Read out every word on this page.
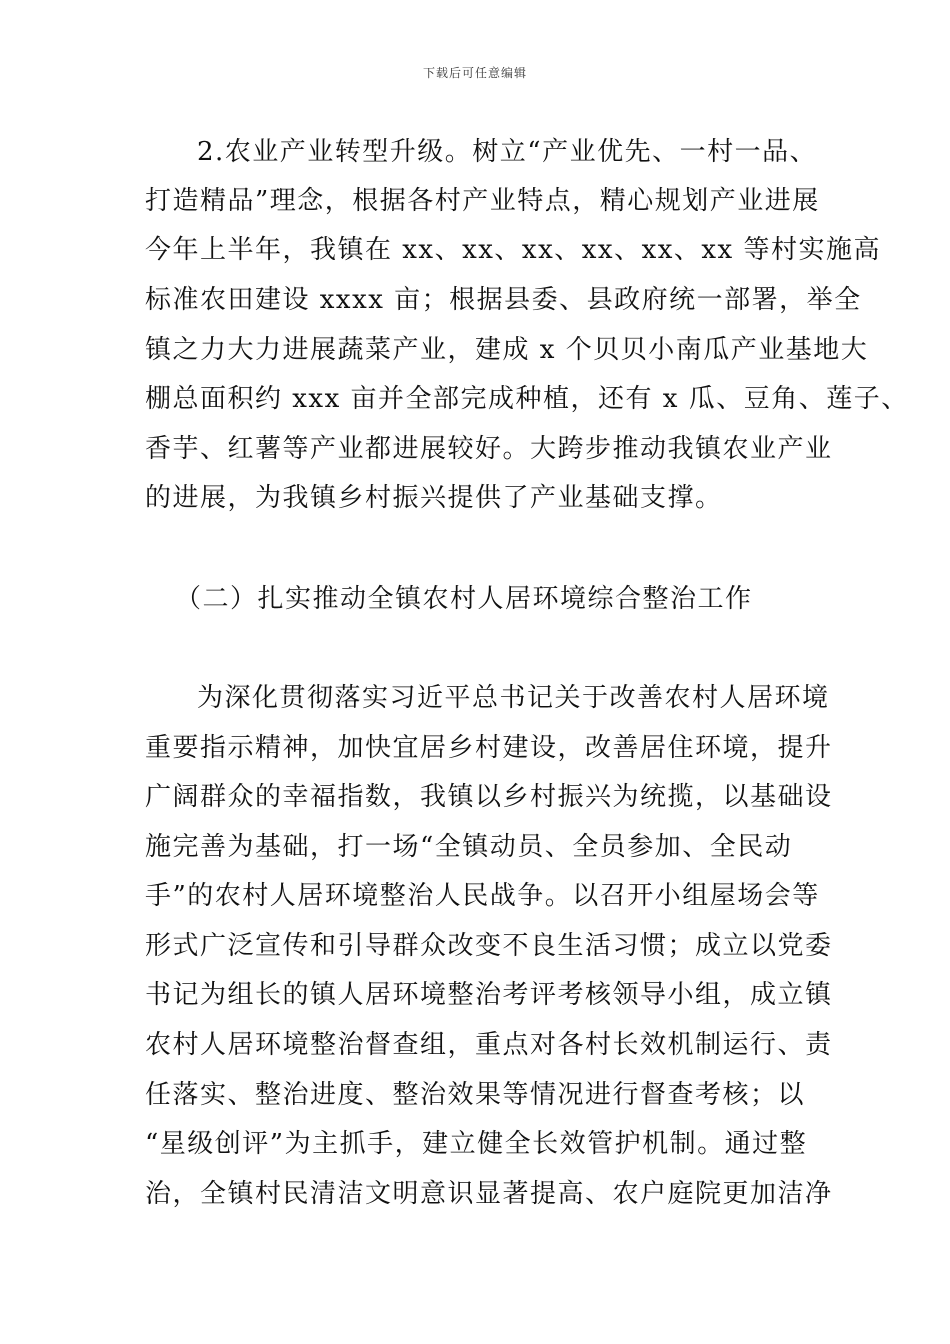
下载后可任意编辑
2.农业产业转型升级。树立“产业优先、一村一品、
打造精品”理念，根据各村产业特点，精心规划产业进展
今年上半年，我镇在 xx、xx、xx、xx、xx、xx 等村实施高
标准农田建设 xxxx 亩；根据县委、县政府统一部署，举全
镇之力大力进展蔬菜产业，建成 x 个贝贝小南瓜产业基地大
棚总面积约 xxx 亩并全部完成种植，还有 x 瓜、豆角、莲子、
香芋、红薯等产业都进展较好。大跨步推动我镇农业产业
的进展，为我镇乡村振兴提供了产业基础支撑。
（二）扎实推动全镇农村人居环境综合整治工作
为深化贯彻落实习近平总书记关于改善农村人居环境
重要指示精神，加快宜居乡村建设，改善居住环境，提升
广阔群众的幸福指数，我镇以乡村振兴为统揽，以基础设
施完善为基础，打一场“全镇动员、全员参加、全民动
手”的农村人居环境整治人民战争。以召开小组屋场会等
形式广泛宣传和引导群众改变不良生活习惯；成立以党委
书记为组长的镇人居环境整治考评考核领导小组，成立镇
农村人居环境整治督查组，重点对各村长效机制运行、责
任落实、整治进度、整治效果等情况进行督查考核；以
“星级创评”为主抓手，建立健全长效管护机制。通过整
治，全镇村民清洁文明意识显著提高、农户庭院更加洁净
